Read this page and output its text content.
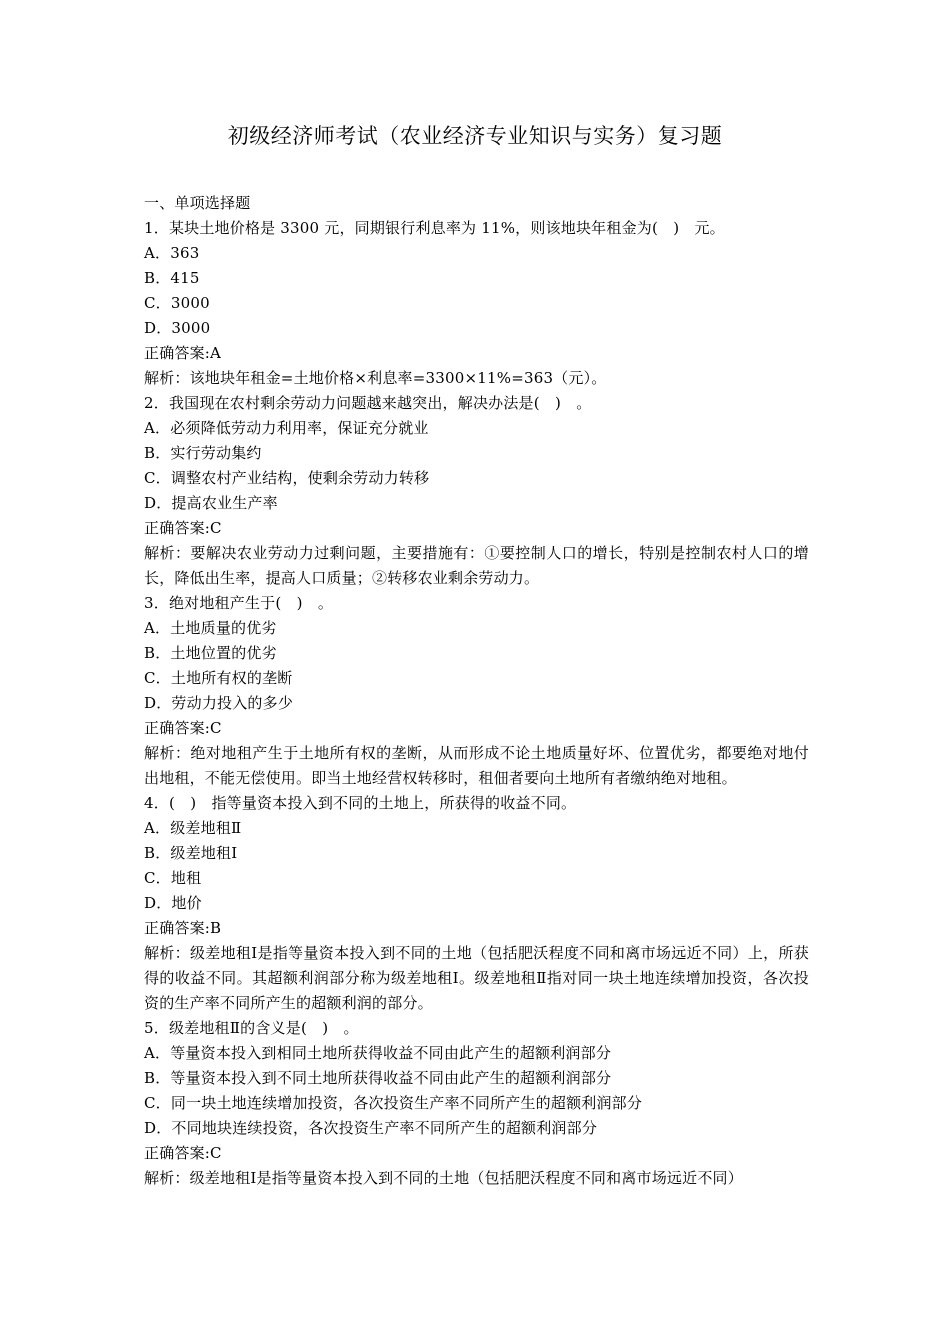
初级经济师考试（农业经济专业知识与实务）复习题
一、单项选择题
1．某块土地价格是 3300 元，同期银行利息率为 11%，则该地块年租金为(　)　元。
A．363
B．415
C．3000
D．3000
正确答案:A
解析：该地块年租金=土地价格×利息率=3300×11%=363（元）。
2．我国现在农村剩余劳动力问题越来越突出，解决办法是(　)　。
A．必须降低劳动力利用率，保证充分就业
B．实行劳动集约
C．调整农村产业结构，使剩余劳动力转移
D．提高农业生产率
正确答案:C
解析：要解决农业劳动力过剩问题，主要措施有：①要控制人口的增长，特别是控制农村人口的增长，降低出生率，提高人口质量；②转移农业剩余劳动力。
3．绝对地租产生于(　)　。
A．土地质量的优劣
B．土地位置的优劣
C．土地所有权的垄断
D．劳动力投入的多少
正确答案:C
解析：绝对地租产生于土地所有权的垄断，从而形成不论土地质量好坏、位置优劣，都要绝对地付出地租，不能无偿使用。即当土地经营权转移时，租佃者要向土地所有者缴纳绝对地租。
4．(　)　指等量资本投入到不同的土地上，所获得的收益不同。
A．级差地租Ⅱ
B．级差地租Ⅰ
C．地租
D．地价
正确答案:B
解析：级差地租Ⅰ是指等量资本投入到不同的土地（包括肥沃程度不同和离市场远近不同）上，所获得的收益不同。其超额利润部分称为级差地租Ⅰ。级差地租Ⅱ指对同一块土地连续增加投资，各次投资的生产率不同所产生的超额利润的部分。
5．级差地租Ⅱ的含义是(　)　。
A．等量资本投入到相同土地所获得收益不同由此产生的超额利润部分
B．等量资本投入到不同土地所获得收益不同由此产生的超额利润部分
C．同一块土地连续增加投资，各次投资生产率不同所产生的超额利润部分
D．不同地块连续投资，各次投资生产率不同所产生的超额利润部分
正确答案:C
解析：级差地租Ⅰ是指等量资本投入到不同的土地（包括肥沃程度不同和离市场远近不同）
